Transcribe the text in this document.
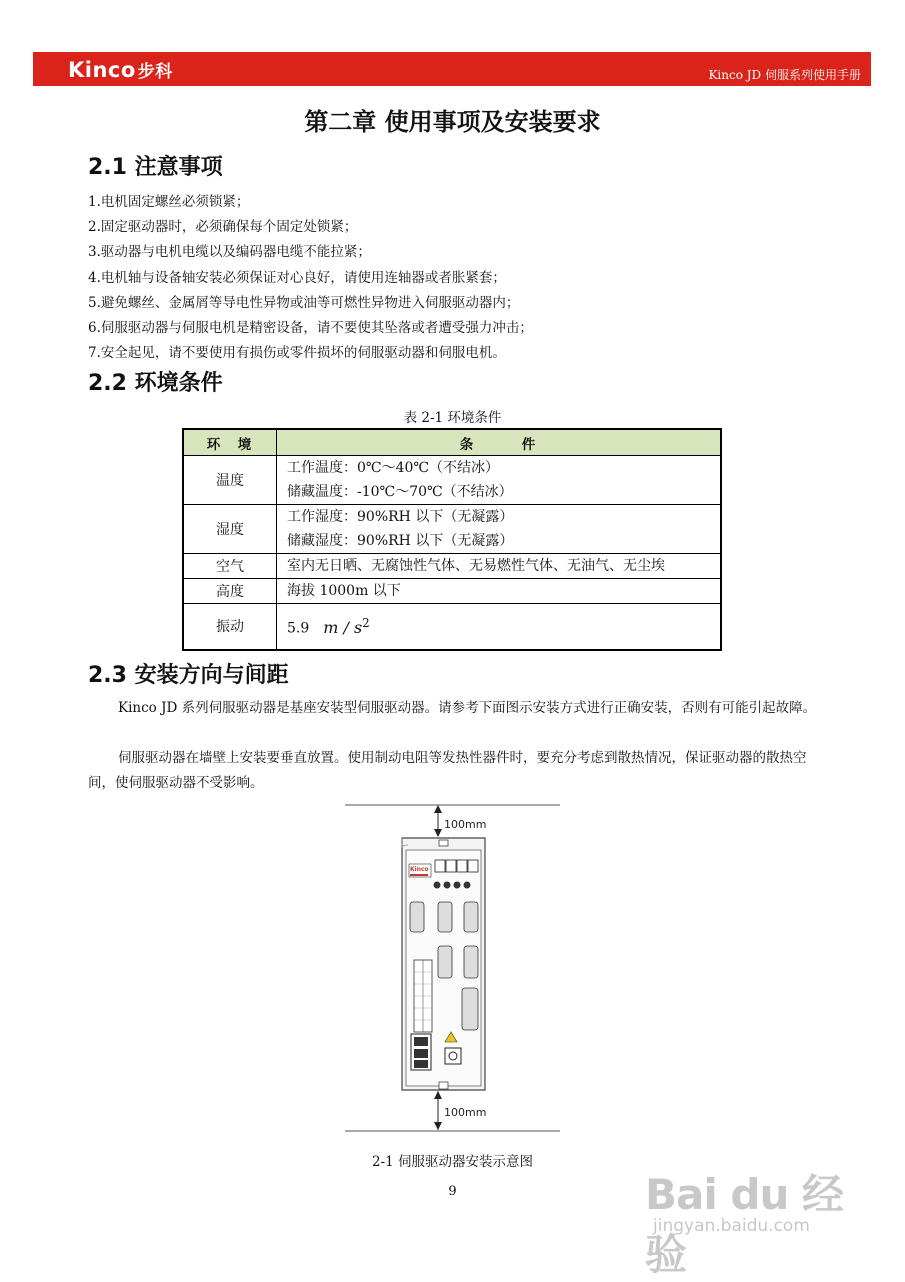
Kinco 步科	Kinco JD 伺服系列使用手册
第二章 使用事项及安装要求
2.1 注意事项
1.电机固定螺丝必须锁紧；
2.固定驱动器时，必须确保每个固定处锁紧；
3.驱动器与电机电缆以及编码器电缆不能拉紧；
4.电机轴与设备轴安装必须保证对心良好，请使用连轴器或者胀紧套；
5.避免螺丝、金属屑等导电性异物或油等可燃性异物进入伺服驱动器内；
6.伺服驱动器与伺服电机是精密设备，请不要使其坠落或者遭受强力冲击；
7.安全起见，请不要使用有损伤或零件损坏的伺服驱动器和伺服电机。
2.2 环境条件
表 2-1 环境条件
环　境	条　　　件
温度	工作温度：0℃～40℃（不结冰）
储藏温度：-10℃～70℃（不结冰）

湿度	工作湿度：90%RH 以下（无凝露）
储藏湿度：90%RH 以下（无凝露）

空气	室内无日晒、无腐蚀性气体、无易燃性气体、无油气、无尘埃

高度	海拔 1000m 以下

振动	5.9 m / $s^2$
2.3 安装方向与间距

Kinco JD 系列伺服驱动器是基座安装型伺服驱动器。请参考下面图示安装方式进行正确安装，否则有可能引起故障。

伺服驱动器在墙壁上安装要垂直放置。使用制动电阻等发热性器件时，要充分考虑到散热情况，保证驱动器的散热空间，使伺服驱动器不受影响。

100mm
Kinco
100mm
2-1 伺服驱动器安装示意图
9	Bai du 经验
jingyan.baidu.com
